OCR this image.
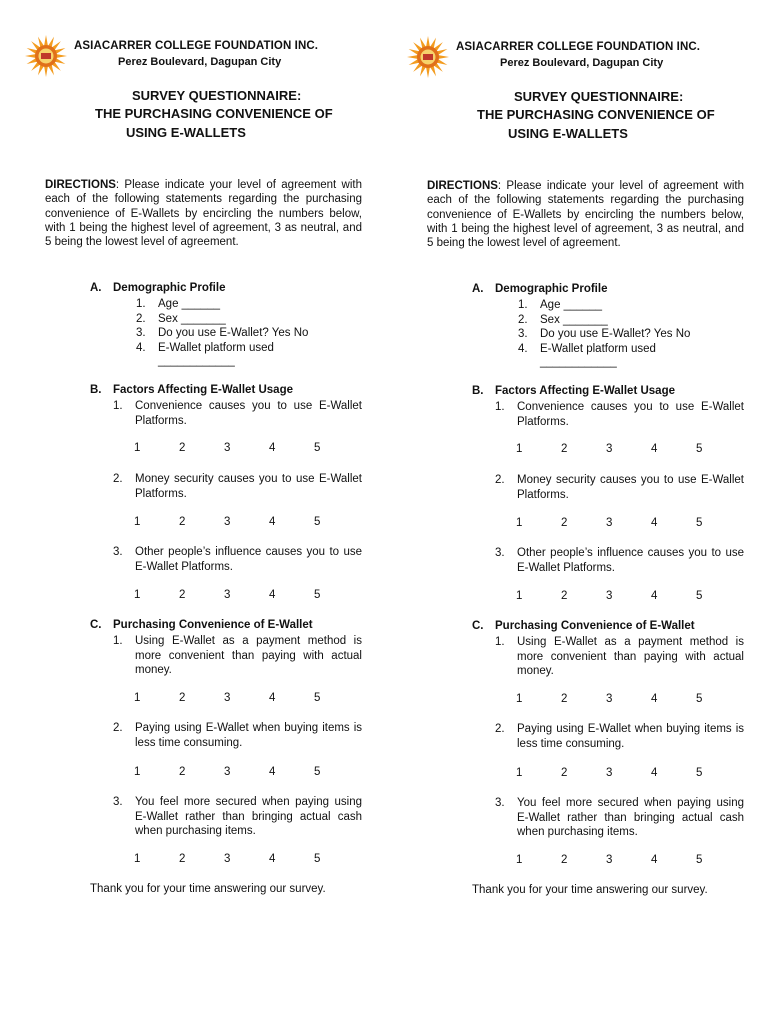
ASIACARRER COLLEGE FOUNDATION INC.
Perez Boulevard, Dagupan City
SURVEY QUESTIONNAIRE:
THE PURCHASING CONVENIENCE OF
USING E-WALLETS
DIRECTIONS: Please indicate your level of agreement with each of the following statements regarding the purchasing convenience of E-Wallets by encircling the numbers below, with 1 being the highest level of agreement, 3 as neutral, and 5 being the lowest level of agreement.
A. Demographic Profile
1. Age ______
2. Sex _______
3. Do you use E-Wallet? Yes No
4. E-Wallet platform used
____________
B. Factors Affecting E-Wallet Usage
1. Convenience causes you to use E-Wallet Platforms.
1	2	3	4	5
2. Money security causes you to use E-Wallet Platforms.
1	2	3	4	5
3. Other people’s influence causes you to use E-Wallet Platforms.
1	2	3	4	5
C. Purchasing Convenience of E-Wallet
1. Using E-Wallet as a payment method is more convenient than paying with actual money.
1	2	3	4	5
2. Paying using E-Wallet when buying items is less time consuming.
1	2	3	4	5
3. You feel more secured when paying using E-Wallet rather than bringing actual cash when purchasing items.
1	2	3	4	5
Thank you for your time answering our survey.
ASIACARRER COLLEGE FOUNDATION INC.
Perez Boulevard, Dagupan City
SURVEY QUESTIONNAIRE:
THE PURCHASING CONVENIENCE OF
USING E-WALLETS
DIRECTIONS: Please indicate your level of agreement with each of the following statements regarding the purchasing convenience of E-Wallets by encircling the numbers below, with 1 being the highest level of agreement, 3 as neutral, and 5 being the lowest level of agreement.
A. Demographic Profile
1. Age ______
2. Sex _______
3. Do you use E-Wallet? Yes No
4. E-Wallet platform used
____________
B. Factors Affecting E-Wallet Usage
1. Convenience causes you to use E-Wallet Platforms.
1	2	3	4	5
2. Money security causes you to use E-Wallet Platforms.
1	2	3	4	5
3. Other people’s influence causes you to use E-Wallet Platforms.
1	2	3	4	5
C. Purchasing Convenience of E-Wallet
1. Using E-Wallet as a payment method is more convenient than paying with actual money.
1	2	3	4	5
2. Paying using E-Wallet when buying items is less time consuming.
1	2	3	4	5
3. You feel more secured when paying using E-Wallet rather than bringing actual cash when purchasing items.
1	2	3	4	5
Thank you for your time answering our survey.
